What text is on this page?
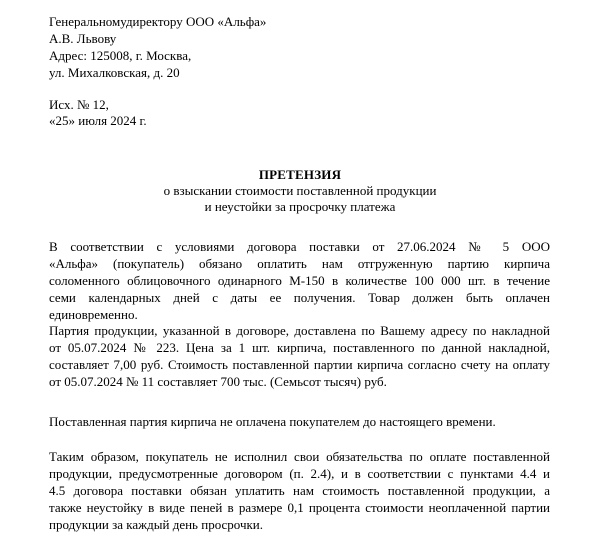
Генеральномудиректору ООО «Альфа»
А.В. Львову
Адрес: 125008, г. Москва,
ул. Михалковская, д. 20
Исх. № 12,
«25» июля 2024 г.
ПРЕТЕНЗИЯ
о взыскании стоимости поставленной продукции
и неустойки за просрочку платежа
В соответствии с условиями договора поставки от 27.06.2024 № 5 ООО
«Альфа» (покупатель) обязано оплатить нам отгруженную партию кирпича
соломенного облицовочного одинарного М-150 в количестве 100 000 шт. в течение
семи календарных дней с даты ее получения. Товар должен быть оплачен
единовременно.
Партия продукции, указанной в договоре, доставлена по Вашему адресу по накладной
от 05.07.2024 № 223. Цена за 1 шт. кирпича, поставленного по данной накладной,
составляет 7,00 руб. Стоимость поставленной партии кирпича согласно счету на оплату
от 05.07.2024 № 11 составляет 700 тыс. (Семьсот тысяч) руб.
Поставленная партия кирпича не оплачена покупателем до настоящего времени.
Таким образом, покупатель не исполнил свои обязательства по оплате поставленной
продукции, предусмотренные договором (п. 2.4), и в соответствии с пунктами 4.4 и
4.5 договора поставки обязан уплатить нам стоимость поставленной продукции, а
также неустойку в виде пеней в размере 0,1 процента стоимости неоплаченной партии
продукции за каждый день просрочки.
